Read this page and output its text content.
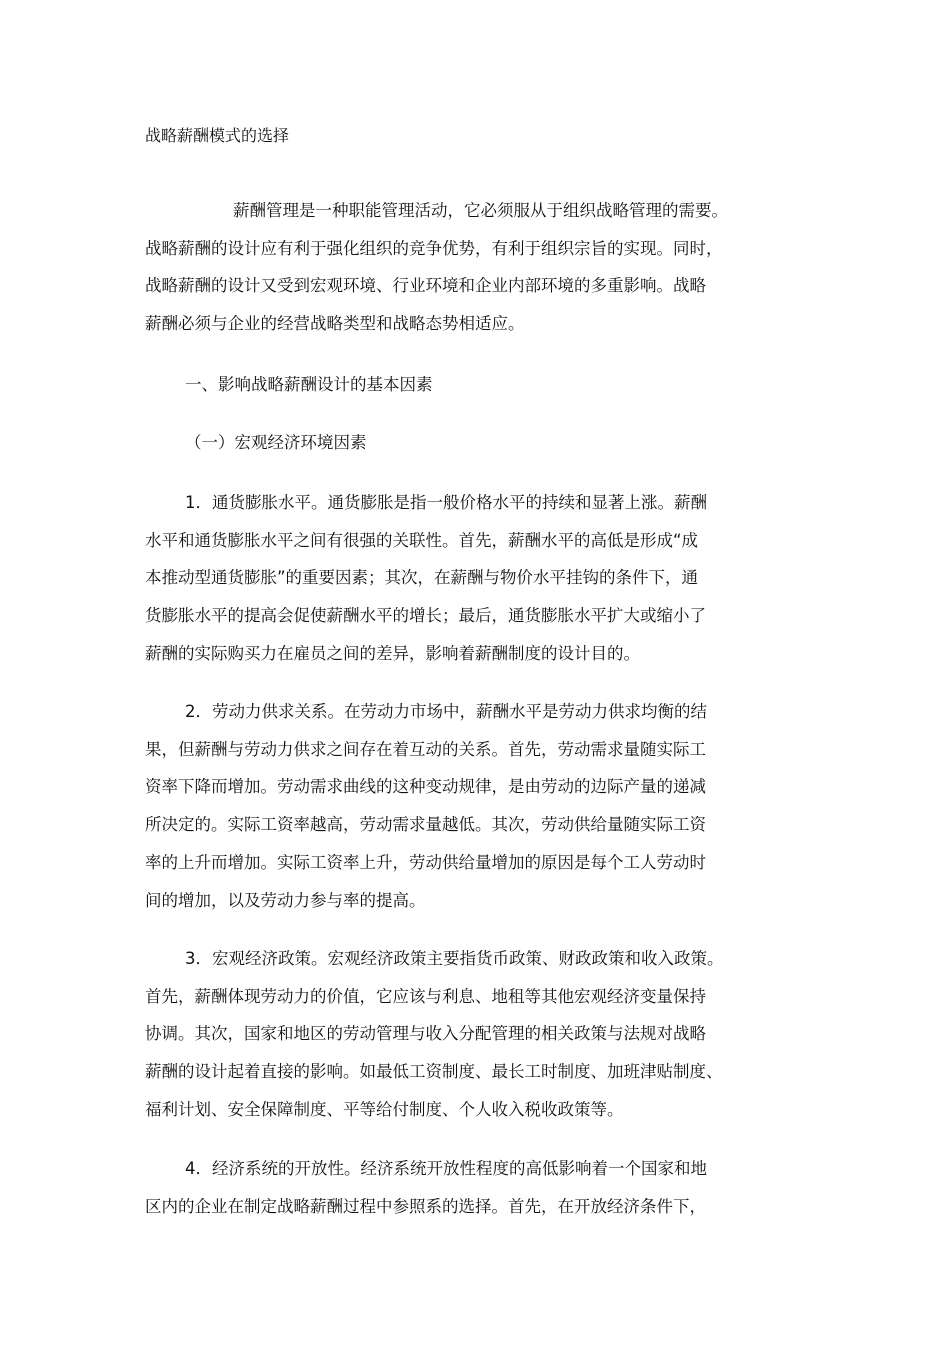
战略薪酬模式的选择
薪酬管理是一种职能管理活动，它必须服从于组织战略管理的需要。
战略薪酬的设计应有利于强化组织的竞争优势，有利于组织宗旨的实现。同时，
战略薪酬的设计又受到宏观环境、行业环境和企业内部环境的多重影响。战略
薪酬必须与企业的经营战略类型和战略态势相适应。
一、影响战略薪酬设计的基本因素
（一）宏观经济环境因素
1．通货膨胀水平。通货膨胀是指一般价格水平的持续和显著上涨。薪酬
水平和通货膨胀水平之间有很强的关联性。首先，薪酬水平的高低是形成“成
本推动型通货膨胀”的重要因素；其次，在薪酬与物价水平挂钩的条件下，通
货膨胀水平的提高会促使薪酬水平的增长；最后，通货膨胀水平扩大或缩小了
薪酬的实际购买力在雇员之间的差异，影响着薪酬制度的设计目的。
2．劳动力供求关系。在劳动力市场中，薪酬水平是劳动力供求均衡的结
果，但薪酬与劳动力供求之间存在着互动的关系。首先，劳动需求量随实际工
资率下降而增加。劳动需求曲线的这种变动规律，是由劳动的边际产量的递减
所决定的。实际工资率越高，劳动需求量越低。其次，劳动供给量随实际工资
率的上升而增加。实际工资率上升，劳动供给量增加的原因是每个工人劳动时
间的增加，以及劳动力参与率的提高。
3．宏观经济政策。宏观经济政策主要指货币政策、财政政策和收入政策。
首先，薪酬体现劳动力的价值，它应该与利息、地租等其他宏观经济变量保持
协调。其次，国家和地区的劳动管理与收入分配管理的相关政策与法规对战略
薪酬的设计起着直接的影响。如最低工资制度、最长工时制度、加班津贴制度、
福利计划、安全保障制度、平等给付制度、个人收入税收政策等。
4．经济系统的开放性。经济系统开放性程度的高低影响着一个国家和地
区内的企业在制定战略薪酬过程中参照系的选择。首先，在开放经济条件下，
